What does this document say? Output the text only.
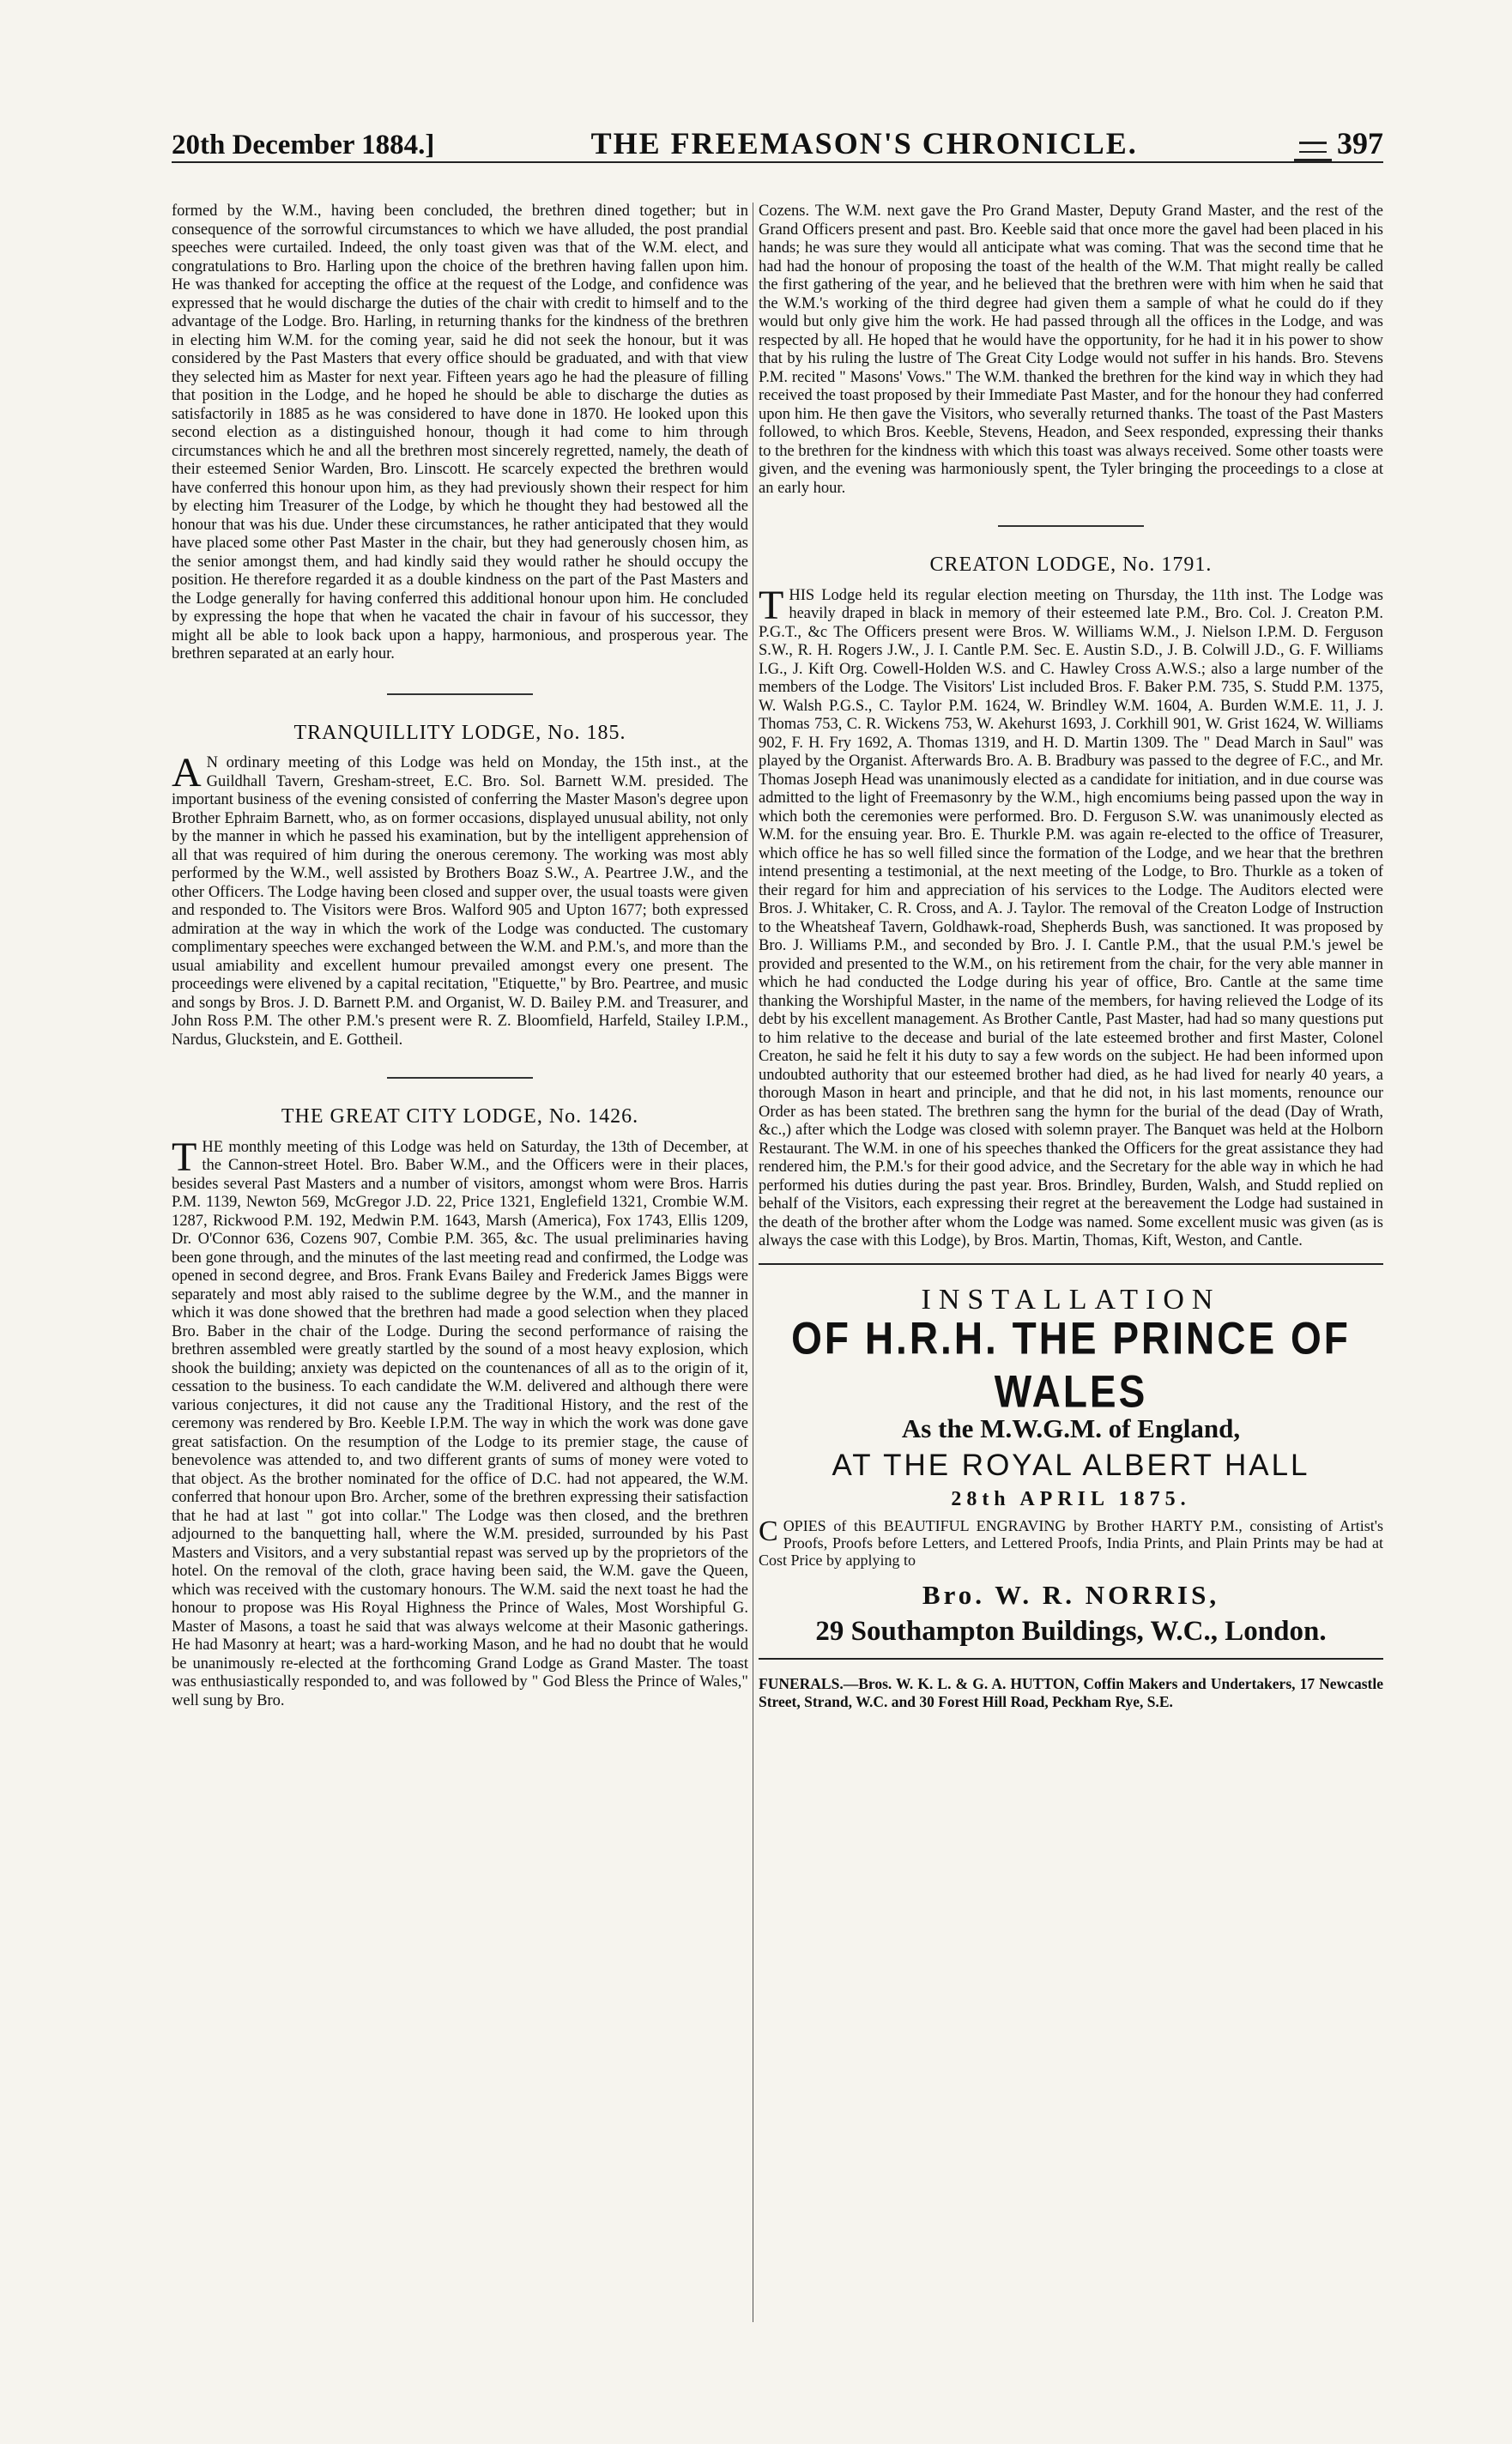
20th December 1884.]	THE FREEMASON'S CHRONICLE.	397

formed by the W.M., having been concluded, the brethren dined together; but in consequence of the sorrowful circumstances to which we have alluded, the post prandial speeches were curtailed. Indeed, the only toast given was that of the W.M. elect, and congratulations to Bro. Harling upon the choice of the brethren having fallen upon him. He was thanked for accepting the office at the request of the Lodge, and confidence was expressed that he would discharge the duties of the chair with credit to himself and to the advantage of the Lodge. Bro. Harling, in returning thanks for the kindness of the brethren in electing him W.M. for the coming year, said he did not seek the honour, but it was considered by the Past Masters that every office should be graduated, and with that view they selected him as Master for next year. Fifteen years ago he had the pleasure of filling that position in the Lodge, and he hoped he should be able to discharge the duties as satisfactorily in 1885 as he was considered to have done in 1870. He looked upon this second election as a distinguished honour, though it had come to him through circumstances which he and all the brethren most sincerely regretted, namely, the death of their esteemed Senior Warden, Bro. Linscott. He scarcely expected the brethren would have conferred this honour upon him, as they had previously shown their respect for him by electing him Treasurer of the Lodge, by which he thought they had bestowed all the honour that was his due. Under these circumstances, he rather anticipated that they would have placed some other Past Master in the chair, but they had generously chosen him, as the senior amongst them, and had kindly said they would rather he should occupy the position. He therefore regarded it as a double kindness on the part of the Past Masters and the Lodge generally for having conferred this additional honour upon him. He concluded by expressing the hope that when he vacated the chair in favour of his successor, they might all be able to look back upon a happy, harmonious, and prosperous year. The brethren separated at an early hour.

TRANQUILLITY LODGE, No. 185.

A N ordinary meeting of this Lodge was held on Monday, the 15th inst., at the Guildhall Tavern, Gresham-street, E.C. Bro. Sol. Barnett W.M. presided. The important business of the evening consisted of conferring the Master Mason's degree upon Brother Ephraim Barnett, who, as on former occasions, displayed unusual ability, not only by the manner in which he passed his examination, but by the intelligent apprehension of all that was required of him during the onerous ceremony. The working was most ably performed by the W.M., well assisted by Brothers Boaz S.W., A. Peartree J.W., and the other Officers. The Lodge having been closed and supper over, the usual toasts were given and responded to. The Visitors were Bros. Walford 905 and Upton 1677; both expressed admiration at the way in which the work of the Lodge was conducted. The customary complimentary speeches were exchanged between the W.M. and P.M.'s, and more than the usual amiability and excellent humour prevailed amongst every one present. The proceedings were elivened by a capital recitation, "Etiquette," by Bro. Peartree, and music and songs by Bros. J. D. Barnett P.M. and Organist, W. D. Bailey P.M. and Treasurer, and John Ross P.M. The other P.M.'s present were R. Z. Bloomfield, Harfeld, Stailey I.P.M., Nardus, Gluckstein, and E. Gottheil.

THE GREAT CITY LODGE, No. 1426.

THE monthly meeting of this Lodge was held on Saturday, the 13th of December, at the Cannon-street Hotel. Bro. Baber W.M., and the Officers were in their places, besides several Past Masters and a number of visitors, amongst whom were Bros. Harris P.M. 1139, Newton 569, McGregor J.D. 22, Price 1321, Englefield 1321, Crombie W.M. 1287, Rickwood P.M. 192, Medwin P.M. 1643, Marsh (America), Fox 1743, Ellis 1209, Dr. O'Connor 636, Cozens 907, Combie P.M. 365, &c. The usual preliminaries having been gone through, and the minutes of the last meeting read and confirmed, the Lodge was opened in second degree, and Bros. Frank Evans Bailey and Frederick James Biggs were separately and most ably raised to the sublime degree by the W.M., and the manner in which it was done showed that the brethren had made a good selection when they placed Bro. Baber in the chair of the Lodge. During the second performance of raising the brethren assembled were greatly startled by the sound of a most heavy explosion, which shook the building; anxiety was depicted on the countenances of all as to the origin of it, cessation to the business. To each candidate the W.M. delivered and although there were various conjectures, it did not cause any the Traditional History, and the rest of the ceremony was rendered by Bro. Keeble I.P.M. The way in which the work was done gave great satisfaction. On the resumption of the Lodge to its premier stage, the cause of benevolence was attended to, and two different grants of sums of money were voted to that object. As the brother nominated for the office of D.C. had not appeared, the W.M. conferred that honour upon Bro. Archer, some of the brethren expressing their satisfaction that he had at last " got into collar." The Lodge was then closed, and the brethren adjourned to the banquetting hall, where the W.M. presided, surrounded by his Past Masters and Visitors, and a very substantial repast was served up by the proprietors of the hotel. On the removal of the cloth, grace having been said, the W.M. gave the Queen, which was received with the customary honours. The W.M. said the next toast he had the honour to propose was His Royal Highness the Prince of Wales, Most Worshipful G. Master of Masons, a toast he said that was always welcome at their Masonic gatherings. He had Masonry at heart; was a hard-working Mason, and he had no doubt that he would be unanimously re-elected at the forthcoming Grand Lodge as Grand Master. The toast was enthusiastically responded to, and was followed by " God Bless the Prince of Wales," well sung by Bro.

Cozens. The W.M. next gave the Pro Grand Master, Deputy Grand Master, and the rest of the Grand Officers present and past. Bro. Keeble said that once more the gavel had been placed in his hands; he was sure they would all anticipate what was coming. That was the second time that he had had the honour of proposing the toast of the health of the W.M. That might really be called the first gathering of the year, and he believed that the brethren were with him when he said that the W.M.'s working of the third degree had given them a sample of what he could do if they would but only give him the work. He had passed through all the offices in the Lodge, and was respected by all. He hoped that he would have the opportunity, for he had it in his power to show that by his ruling the lustre of The Great City Lodge would not suffer in his hands. Bro. Stevens P.M. recited " Masons' Vows." The W.M. thanked the brethren for the kind way in which they had received the toast proposed by their Immediate Past Master, and for the honour they had conferred upon him. He then gave the Visitors, who severally returned thanks. The toast of the Past Masters followed, to which Bros. Keeble, Stevens, Headon, and Seex responded, expressing their thanks to the brethren for the kindness with which this toast was always received. Some other toasts were given, and the evening was harmoniously spent, the Tyler bringing the proceedings to a close at an early hour.

CREATON LODGE, No. 1791.

THIS Lodge held its regular election meeting on Thursday, the 11th inst. The Lodge was heavily draped in black in memory of their esteemed late P.M., Bro. Col. J. Creaton P.M. P.G.T., &c The Officers present were Bros. W. Williams W.M., J. Nielson I.P.M. D. Ferguson S.W., R. H. Rogers J.W., J. I. Cantle P.M. Sec. E. Austin S.D., J. B. Colwill J.D., G. F. Williams I.G., J. Kift Org. Cowell-Holden W.S. and C. Hawley Cross A.W.S.; also a large number of the members of the Lodge. The Visitors' List included Bros. F. Baker P.M. 735, S. Studd P.M. 1375, W. Walsh P.G.S., C. Taylor P.M. 1624, W. Brindley W.M. 1604, A. Burden W.M.E. 11, J. J. Thomas 753, C. R. Wickens 753, W. Akehurst 1693, J. Corkhill 901, W. Grist 1624, W. Williams 902, F. H. Fry 1692, A. Thomas 1319, and H. D. Martin 1309. The " Dead March in Saul" was played by the Organist. Afterwards Bro. A. B. Bradbury was passed to the degree of F.C., and Mr. Thomas Joseph Head was unanimously elected as a candidate for initiation, and in due course was admitted to the light of Freemasonry by the W.M., high encomiums being passed upon the way in which both the ceremonies were performed. Bro. D. Ferguson S.W. was unanimously elected as W.M. for the ensuing year. Bro. E. Thurkle P.M. was again re-elected to the office of Treasurer, which office he has so well filled since the formation of the Lodge, and we hear that the brethren intend presenting a testimonial, at the next meeting of the Lodge, to Bro. Thurkle as a token of their regard for him and appreciation of his services to the Lodge. The Auditors elected were Bros. J. Whitaker, C. R. Cross, and A. J. Taylor. The removal of the Creaton Lodge of Instruction to the Wheatsheaf Tavern, Goldhawk-road, Shepherds Bush, was sanctioned. It was proposed by Bro. J. Williams P.M., and seconded by Bro. J. I. Cantle P.M., that the usual P.M.'s jewel be provided and presented to the W.M., on his retirement from the chair, for the very able manner in which he had conducted the Lodge during his year of office, Bro. Cantle at the same time thanking the Worshipful Master, in the name of the members, for having relieved the Lodge of its debt by his excellent management. As Brother Cantle, Past Master, had had so many questions put to him relative to the decease and burial of the late esteemed brother and first Master, Colonel Creaton, he said he felt it his duty to say a few words on the subject. He had been informed upon undoubted authority that our esteemed brother had died, as he had lived for nearly 40 years, a thorough Mason in heart and principle, and that he did not, in his last moments, renounce our Order as has been stated. The brethren sang the hymn for the burial of the dead (Day of Wrath, &c.,) after which the Lodge was closed with solemn prayer. The Banquet was held at the Holborn Restaurant. The W.M. in one of his speeches thanked the Officers for the great assistance they had rendered him, the P.M.'s for their good advice, and the Secretary for the able way in which he had performed his duties during the past year. Bros. Brindley, Burden, Walsh, and Studd replied on behalf of the Visitors, each expressing their regret at the bereavement the Lodge had sustained in the death of the brother after whom the Lodge was named. Some excellent music was given (as is always the case with this Lodge), by Bros. Martin, Thomas, Kift, Weston, and Cantle.

INSTALLATION
OF H.R.H. THE PRINCE OF WALES
As the M.W.G.M. of England,
AT THE ROYAL ALBERT HALL
28th APRIL 1875.

COPIES of this BEAUTIFUL ENGRAVING by Brother HARTY P.M., consisting of Artist's Proofs, Proofs before Letters, and Lettered Proofs, India Prints, and Plain Prints may be had at Cost Price by applying to

Bro. W. R. NORRIS,
29 Southampton Buildings, W.C., London.

FUNERALS.—Bros. W. K. L. & G. A. HUTTON, Coffin Makers and Undertakers, 17 Newcastle Street, Strand, W.C. and 30 Forest Hill Road, Peckham Rye, S.E.
